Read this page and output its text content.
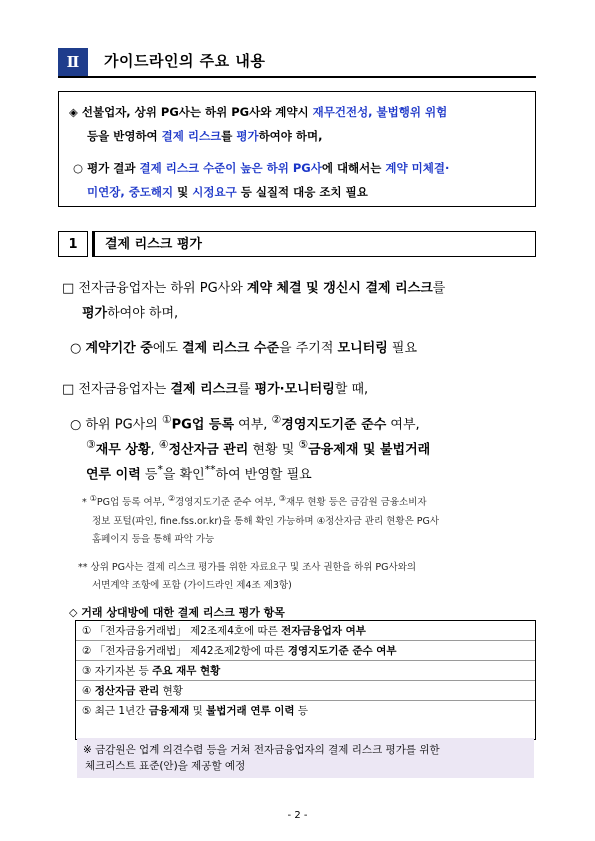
Ⅱ	가이드라인의 주요 내용
◈ 선불업자, 상위 PG사는 하위 PG사와 계약시 재무건전성, 불법행위 위험
등을 반영하여 결제 리스크를 평가하여야 하며,
○ 평가 결과 결제 리스크 수준이 높은 하위 PG사에 대해서는 계약 미체결·
미연장, 중도해지 및 시정요구 등 실질적 대응 조치 필요
1	결제 리스크 평가
□ 전자금융업자는 하위 PG사와 계약 체결 및 갱신시 결제 리스크를
평가하여야 하며,
○ 계약기간 중에도 결제 리스크 수준을 주기적 모니터링 필요
□ 전자금융업자는 결제 리스크를 평가·모니터링할 때,
○ 하위 PG사의 ①PG업 등록 여부, ②경영지도기준 준수 여부,
③재무 상황, ④정산자금 관리 현황 및 ⑤금융제재 및 불법거래
연루 이력 등*을 확인**하여 반영할 필요
* ①PG업 등록 여부, ②경영지도기준 준수 여부, ③재무 현황 등은 금감원 금융소비자
정보 포털(파인, fine.fss.or.kr)을 통해 확인 가능하며 ④정산자금 관리 현황은 PG사
홈페이지 등을 통해 파악 가능
** 상위 PG사는 결제 리스크 평가를 위한 자료요구 및 조사 권한을 하위 PG사와의
서면계약 조항에 포함 (가이드라인 제4조 제3항)
◇ 거래 상대방에 대한 결제 리스크 평가 항목
① 「전자금융거래법」 제2조제4호에 따른 전자금융업자 여부
② 「전자금융거래법」 제42조제2항에 따른 경영지도기준 준수 여부
③ 자기자본 등 주요 재무 현황
④ 정산자금 관리 현황
⑤ 최근 1년간 금융제재 및 불법거래 연루 이력 등
※ 금감원은 업계 의견수렴 등을 거쳐 전자금융업자의 결제 리스크 평가를 위한
체크리스트 표준(안)을 제공할 예정
- 2 -
